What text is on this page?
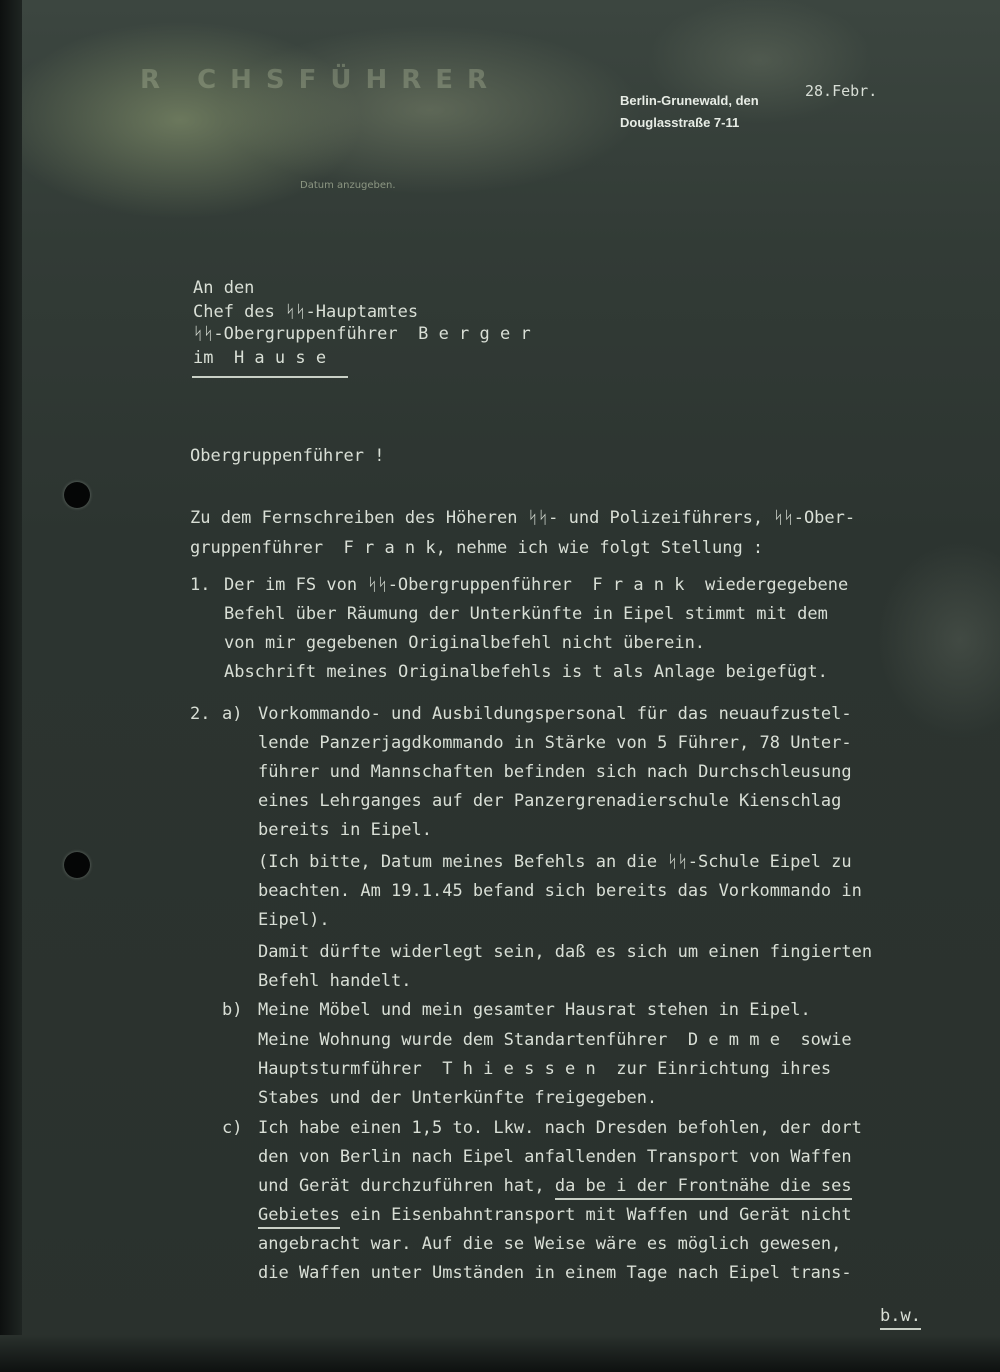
R CHSFÜHRER
Datum anzugeben.
Berlin-Grunewald, den
Douglasstraße 7-11
28.Febr.
An den
Chef des ᛋᛋ-Hauptamtes
ᛋᛋ-Obergruppenführer  B e r g e r
im  H a u s e
Obergruppenführer !
Zu dem Fernschreiben des Höheren ᛋᛋ- und Polizeiführers, ᛋᛋ-Ober-
gruppenführer  F r a n k, nehme ich wie folgt Stellung :
1. Der im FS von ᛋᛋ-Obergruppenführer  F r a n k  wiedergegebene
Befehl über Räumung der Unterkünfte in Eipel stimmt mit dem
von mir gegebenen Originalbefehl nicht überein.
Abschrift meines Originalbefehls is t als Anlage beigefügt.
2. a) Vorkommando- und Ausbildungspersonal für das neuaufzustel-
lende Panzerjagdkommando in Stärke von 5 Führer, 78 Unter-
führer und Mannschaften befinden sich nach Durchschleusung
eines Lehrganges auf der Panzergrenadierschule Kienschlag
bereits in Eipel.
(Ich bitte, Datum meines Befehls an die ᛋᛋ-Schule Eipel zu
beachten. Am 19.1.45 befand sich bereits das Vorkommando in
Eipel).
Damit dürfte widerlegt sein, daß es sich um einen fingierten
Befehl handelt.
b) Meine Möbel und mein gesamter Hausrat stehen in Eipel.
Meine Wohnung wurde dem Standartenführer  D e m m e  sowie
Hauptsturmführer  T h i e s s e n  zur Einrichtung ihres
Stabes und der Unterkünfte freigegeben.
c) Ich habe einen 1,5 to. Lkw. nach Dresden befohlen, der dort
den von Berlin nach Eipel anfallenden Transport von Waffen
und Gerät durchzuführen hat, da be i der Frontnähe die ses
Gebietes ein Eisenbahntransport mit Waffen und Gerät nicht
angebracht war. Auf die se Weise wäre es möglich gewesen,
die Waffen unter Umständen in einem Tage nach Eipel trans-
b.w.
